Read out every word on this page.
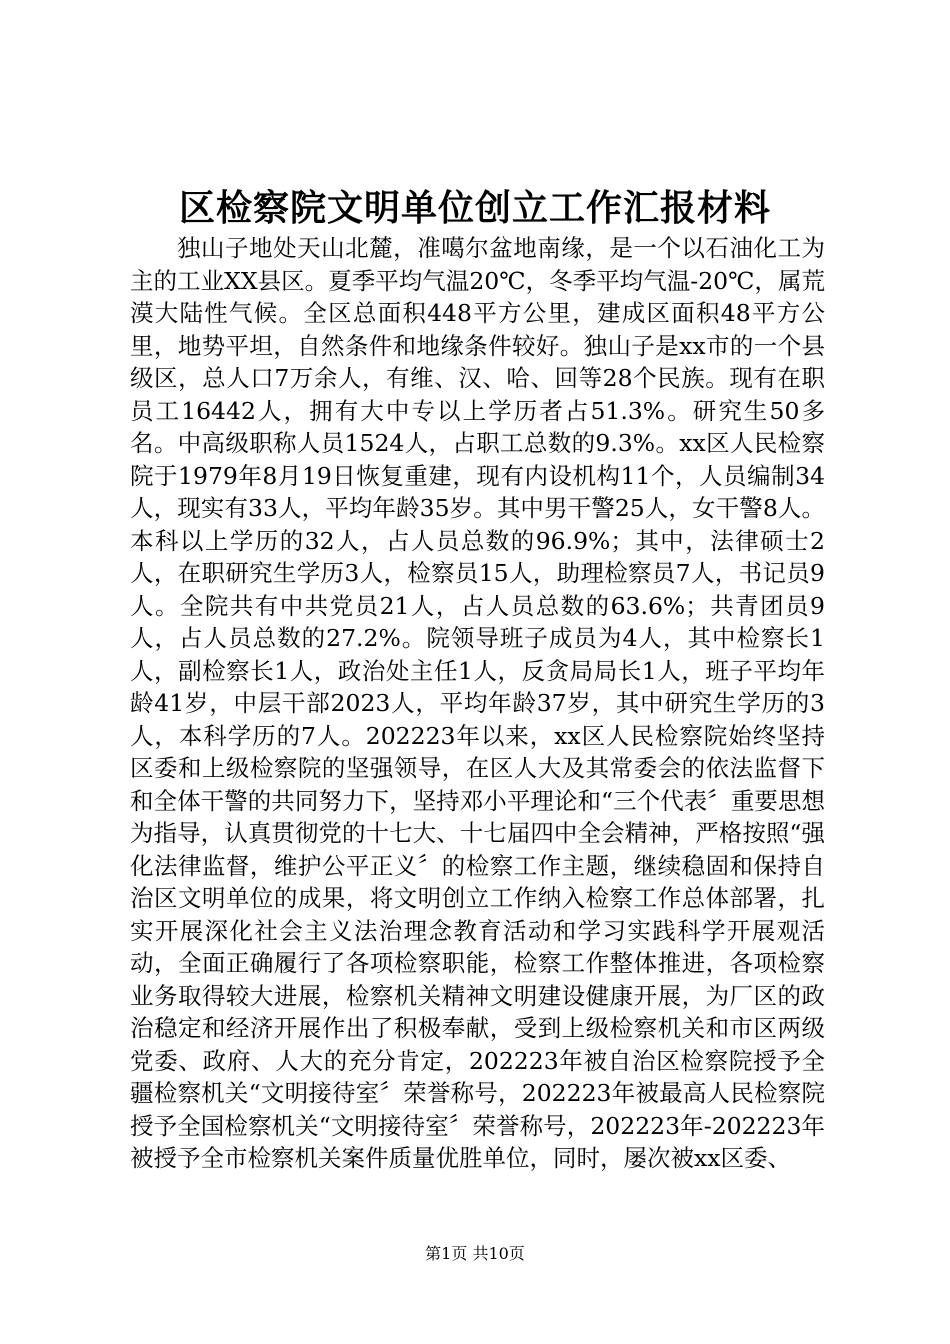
区检察院文明单位创立工作汇报材料

独山子地处天山北麓，准噶尔盆地南缘，是一个以石油化工为主的工业XX县区。夏季平均气温20℃，冬季平均气温-20℃，属荒漠大陆性气候。全区总面积448平方公里，建成区面积48平方公里，地势平坦，自然条件和地缘条件较好。独山子是xx市的一个县级区，总人口7万余人，有维、汉、哈、回等28个民族。现有在职员工16442人，拥有大中专以上学历者占51.3%。研究生50多名。中高级职称人员1524人，占职工总数的9.3%。xx区人民检察院于1979年8月19日恢复重建，现有内设机构11个，人员编制34人，现实有33人，平均年龄35岁。其中男干警25人，女干警8人。本科以上学历的32人，占人员总数的96.9%；其中，法律硕士2人，在职研究生学历3人，检察员15人，助理检察员7人，书记员9人。全院共有中共党员21人，占人员总数的63.6%；共青团员9人，占人员总数的27.2%。院领导班子成员为4人，其中检察长1人，副检察长1人，政治处主任1人，反贪局局长1人，班子平均年龄41岁，中层干部2023人，平均年龄37岁，其中研究生学历的3人，本科学历的7人。202223年以来，xx区人民检察院始终坚持区委和上级检察院的坚强领导，在区人大及其常委会的依法监督下和全体干警的共同努力下，坚持邓小平理论和“三个代表〞重要思想为指导，认真贯彻党的十七大、十七届四中全会精神，严格按照“强化法律监督，维护公平正义〞的检察工作主题，继续稳固和保持自治区文明单位的成果，将文明创立工作纳入检察工作总体部署，扎实开展深化社会主义法治理念教育活动和学习实践科学开展观活动，全面正确履行了各项检察职能，检察工作整体推进，各项检察业务取得较大进展，检察机关精神文明建设健康开展，为厂区的政治稳定和经济开展作出了积极奉献，受到上级检察机关和市区两级党委、政府、人大的充分肯定，202223年被自治区检察院授予全疆检察机关“文明接待室〞荣誉称号，202223年被最高人民检察院授予全国检察机关“文明接待室〞荣誉称号，202223年-202223年被授予全市检察机关案件质量优胜单位，同时，屡次被xx区委、

第1页 共10页
